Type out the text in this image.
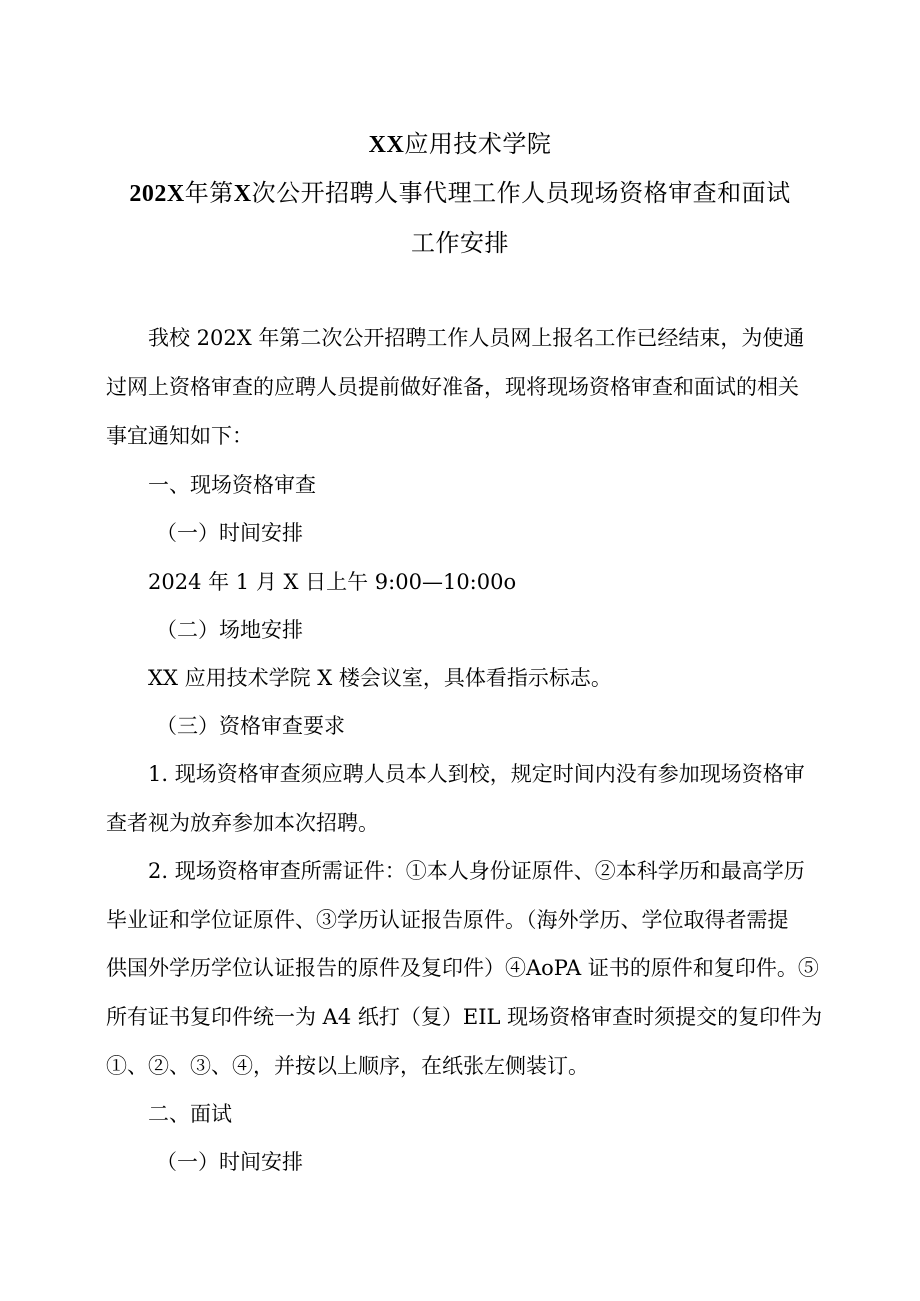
XX应用技术学院
202X年第X次公开招聘人事代理工作人员现场资格审查和面试
工作安排
我校 202X 年第二次公开招聘工作人员网上报名工作已经结束，为使通
过网上资格审查的应聘人员提前做好准备，现将现场资格审查和面试的相关
事宜通知如下：
一、现场资格审查
（一）时间安排
2024 年 1 月 X 日上午 9:00—10:00o
（二）场地安排
XX 应用技术学院 X 楼会议室，具体看指示标志。
（三）资格审查要求
1. 现场资格审查须应聘人员本人到校，规定时间内没有参加现场资格审
查者视为放弃参加本次招聘。
2. 现场资格审查所需证件：①本人身份证原件、②本科学历和最高学历
毕业证和学位证原件、③学历认证报告原件。（海外学历、学位取得者需提
供国外学历学位认证报告的原件及复印件）④AoPA 证书的原件和复印件。⑤
所有证书复印件统一为 A4 纸打（复）EIL 现场资格审查时须提交的复印件为
①、②、③、④，并按以上顺序，在纸张左侧装订。
二、面试
（一）时间安排
